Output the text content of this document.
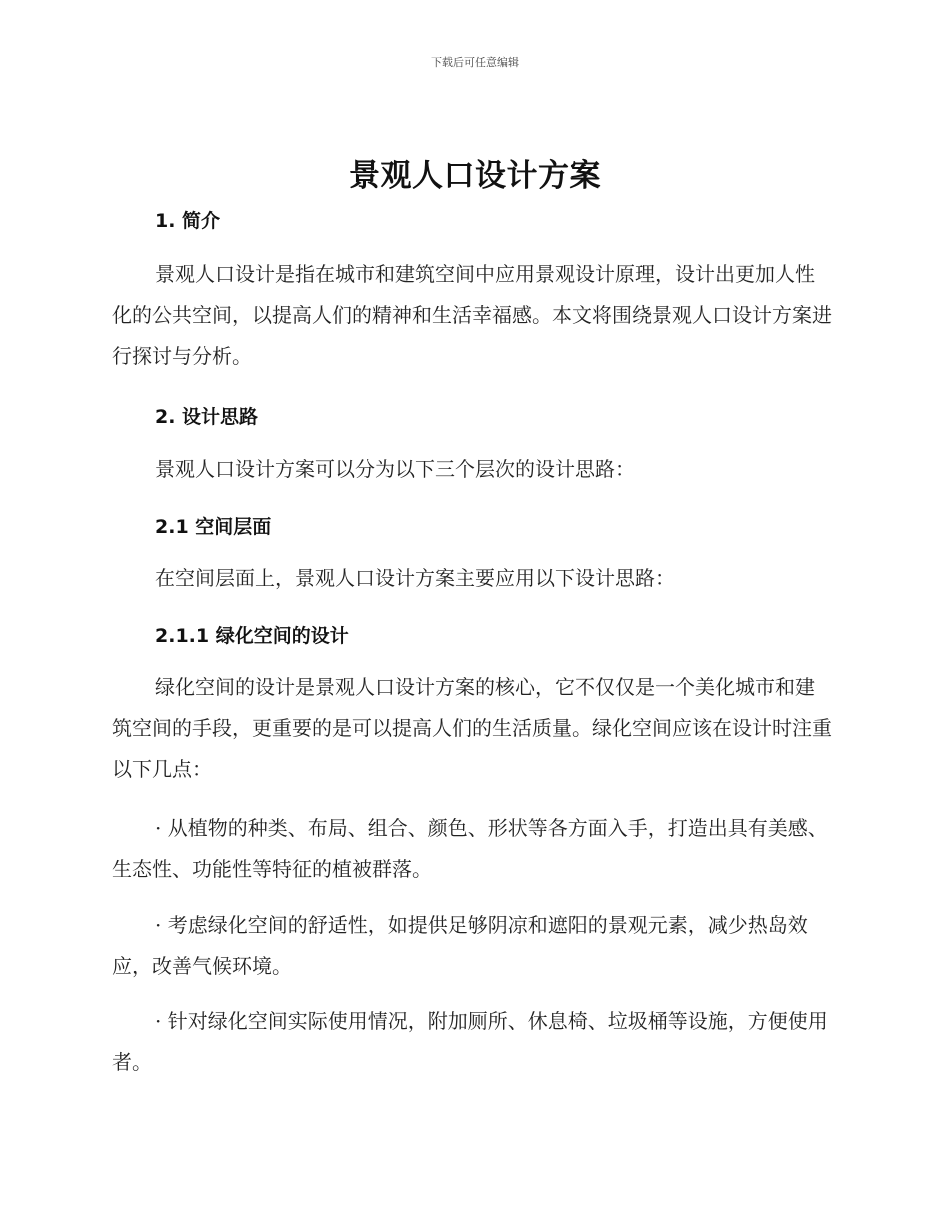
下载后可任意编辑
景观人口设计方案
1. 简介
景观人口设计是指在城市和建筑空间中应用景观设计原理，设计出更加人性化的公共空间，以提高人们的精神和生活幸福感。本文将围绕景观人口设计方案进行探讨与分析。
2. 设计思路
景观人口设计方案可以分为以下三个层次的设计思路：
2.1 空间层面
在空间层面上，景观人口设计方案主要应用以下设计思路：
2.1.1 绿化空间的设计
绿化空间的设计是景观人口设计方案的核心，它不仅仅是一个美化城市和建筑空间的手段，更重要的是可以提高人们的生活质量。绿化空间应该在设计时注重以下几点：
· 从植物的种类、布局、组合、颜色、形状等各方面入手，打造出具有美感、生态性、功能性等特征的植被群落。
· 考虑绿化空间的舒适性，如提供足够阴凉和遮阳的景观元素，减少热岛效应，改善气候环境。
· 针对绿化空间实际使用情况，附加厕所、休息椅、垃圾桶等设施，方便使用者。
